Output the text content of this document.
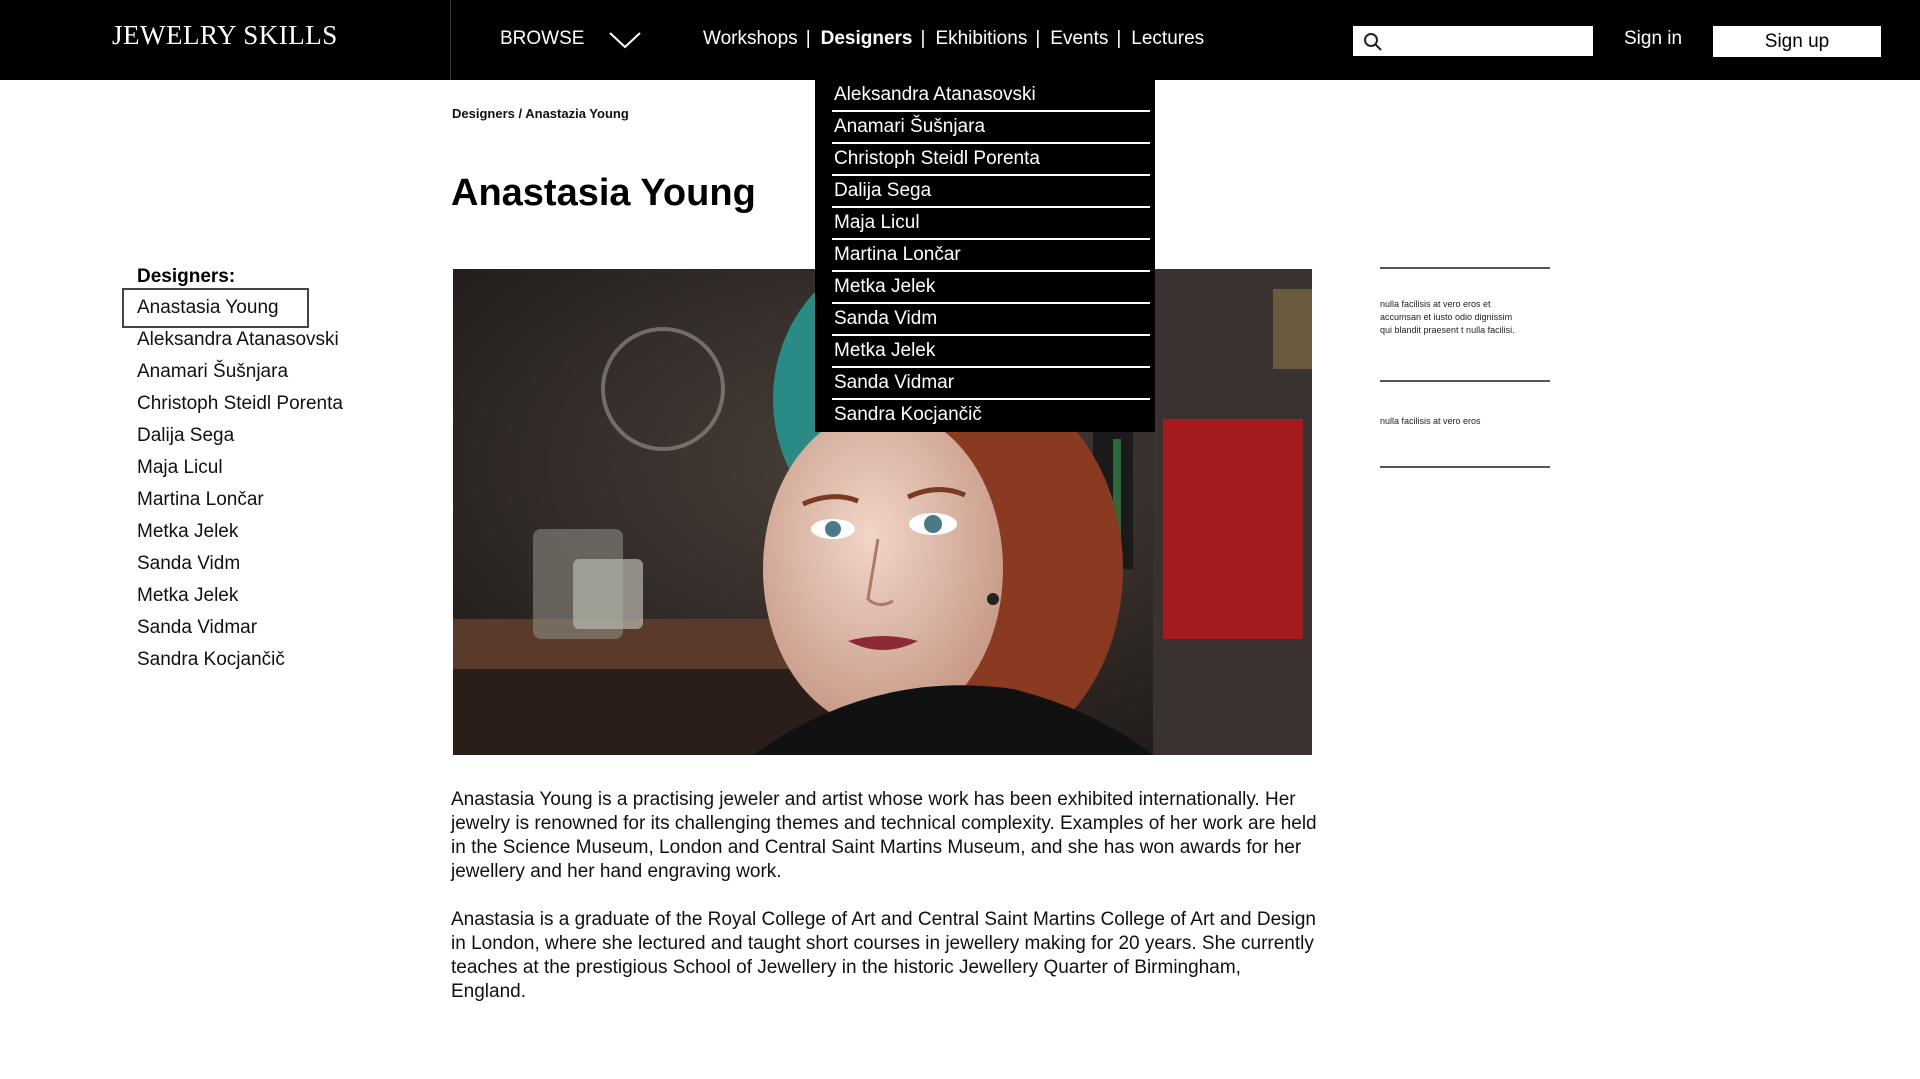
JEWELRY SKILLS	BROWSE	Workshops | Designers | Ekhibitions | Events | Lectures	Sign in	Sign up
Aleksandra Atanasovski
Anamari Šušnjara
Christoph Steidl Porenta
Dalija Sega
Maja Licul
Martina Lončar
Metka Jelek
Sanda Vidm
Metka Jelek
Sanda Vidmar
Sandra Kocjančič
Designers / Anastazia Young
Anastasia Young
Designers:
Anastasia Young
Aleksandra Atanasovski
Anamari Šušnjara
Christoph Steidl Porenta
Dalija Sega
Maja Licul
Martina Lončar
Metka Jelek
Sanda Vidm
Metka Jelek
Sanda Vidmar
Sandra Kocjančič

Anastasia Young is a practising jeweler and artist whose work has been exhibited internationally. Her jewelry is renowned for its challenging themes and technical complexity. Examples of her work are held in the Science Museum, London and Central Saint Martins Museum, and she has won awards for her jewellery and her hand engraving work.

Anastasia is a graduate of the Royal College of Art and Central Saint Martins College of Art and Design in London, where she lectured and taught short courses in jewellery making for 20 years. She currently teaches at the prestigious School of Jewellery in the historic Jewellery Quarter of Birmingham, England.

nulla facilisis at vero eros et accumsan et iusto odio dignissim qui blandit praesent t nulla facilisi.
nulla facilisis at vero eros
